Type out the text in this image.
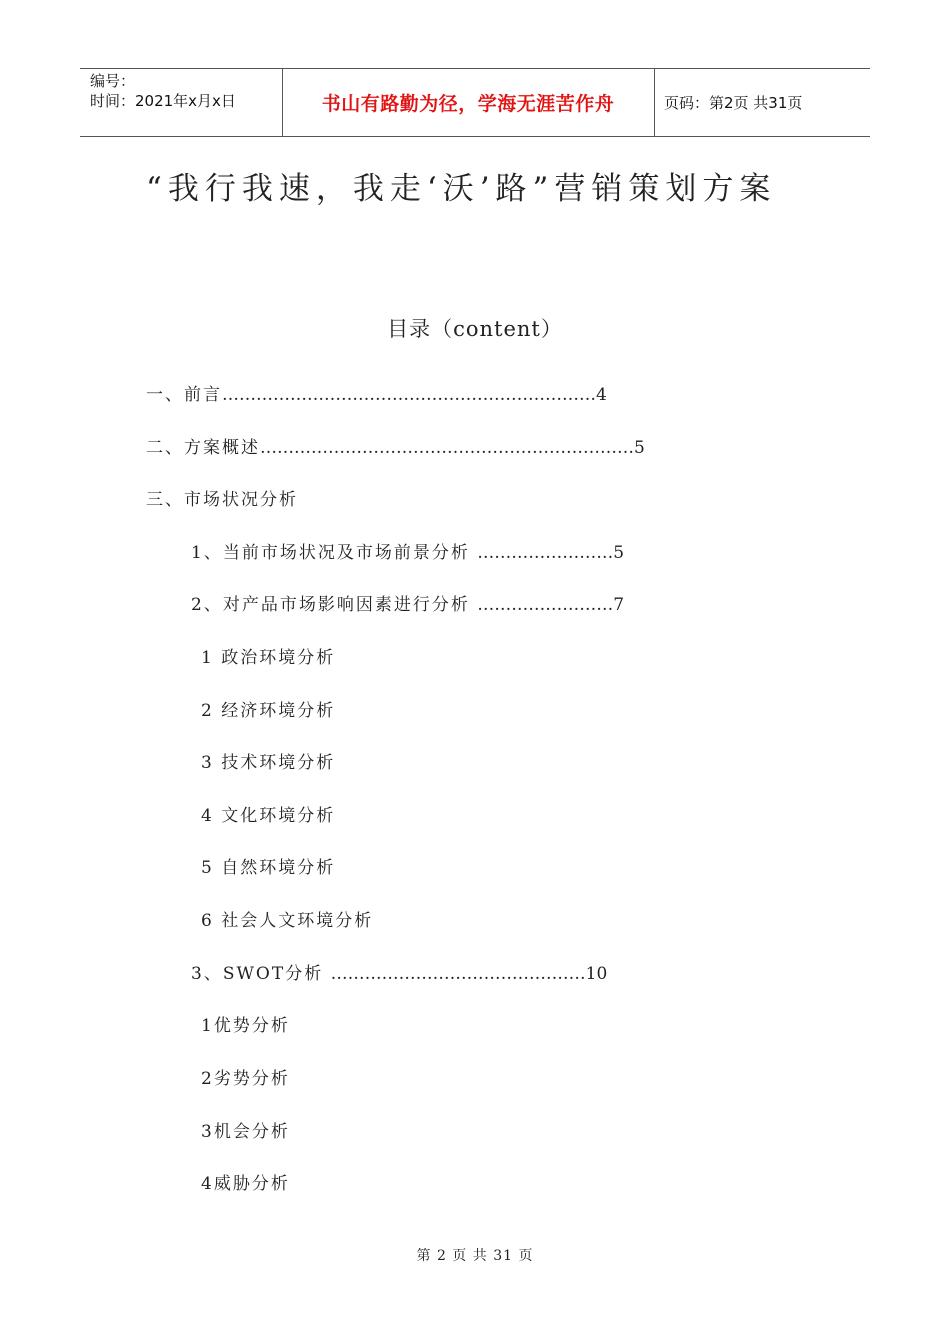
编号：
时间：2021年x月x日	书山有路勤为径，学海无涯苦作舟	页码：第2页 共31页
“我行我速，我走‘沃’路”营销策划方案
目录（content）
一、前言…………………………………………………………4
二、方案概述…………………………………………………………5
三、市场状况分析
1、当前市场状况及市场前景分析 ……………………5
2、对产品市场影响因素进行分析 ……………………7
1 政治环境分析
2 经济环境分析
3 技术环境分析
4 文化环境分析
5 自然环境分析
6 社会人文环境分析
3、SWOT分析 ………………………………………10
1优势分析
2劣势分析
3机会分析
4威胁分析
第 2 页 共 31 页
